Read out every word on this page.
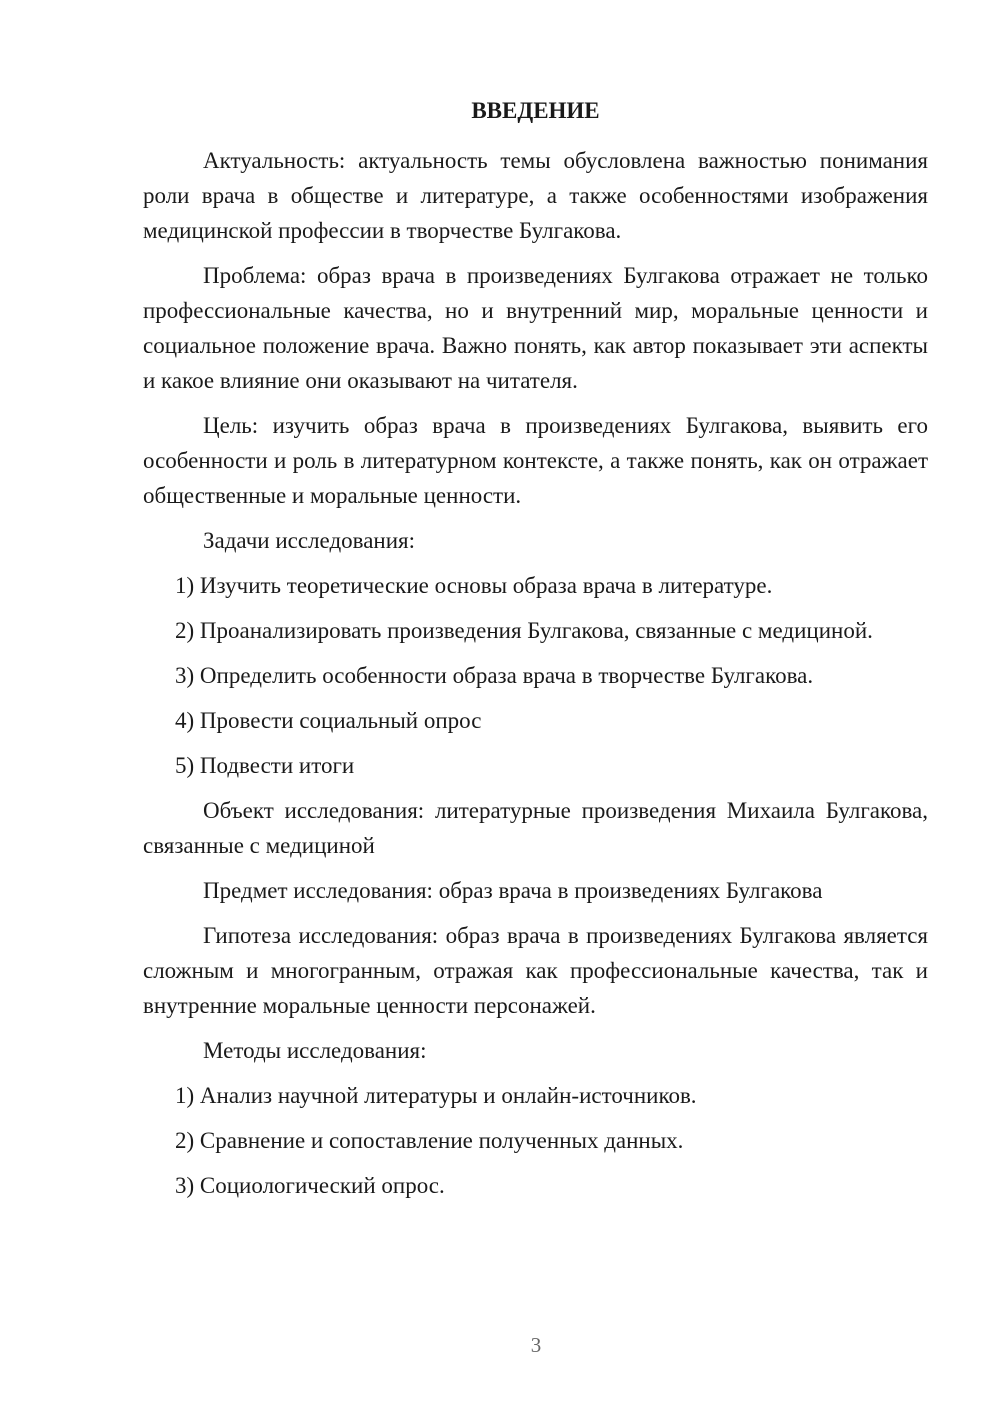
ВВЕДЕНИЕ

Актуальность: актуальность темы обусловлена важностью понимания роли врача в обществе и литературе, а также особенностями изображения медицинской профессии в творчестве Булгакова.

Проблема: образ врача в произведениях Булгакова отражает не только профессиональные качества, но и внутренний мир, моральные ценности и социальное положение врача. Важно понять, как автор показывает эти аспекты и какое влияние они оказывают на читателя.

Цель: изучить образ врача в произведениях Булгакова, выявить его особенности и роль в литературном контексте, а также понять, как он отражает общественные и моральные ценности.

Задачи исследования:

1) Изучить теоретические основы образа врача в литературе.

2) Проанализировать произведения Булгакова, связанные с медициной.

3) Определить особенности образа врача в творчестве Булгакова.

4) Провести социальный опрос

5) Подвести итоги

Объект исследования: литературные произведения Михаила Булгакова, связанные с медициной

Предмет исследования: образ врача в произведениях Булгакова

Гипотеза исследования: образ врача в произведениях Булгакова является сложным и многогранным, отражая как профессиональные качества, так и внутренние моральные ценности персонажей.

Методы исследования:

1) Анализ научной литературы и онлайн-источников.

2) Сравнение и сопоставление полученных данных.

3) Социологический опрос.

3
